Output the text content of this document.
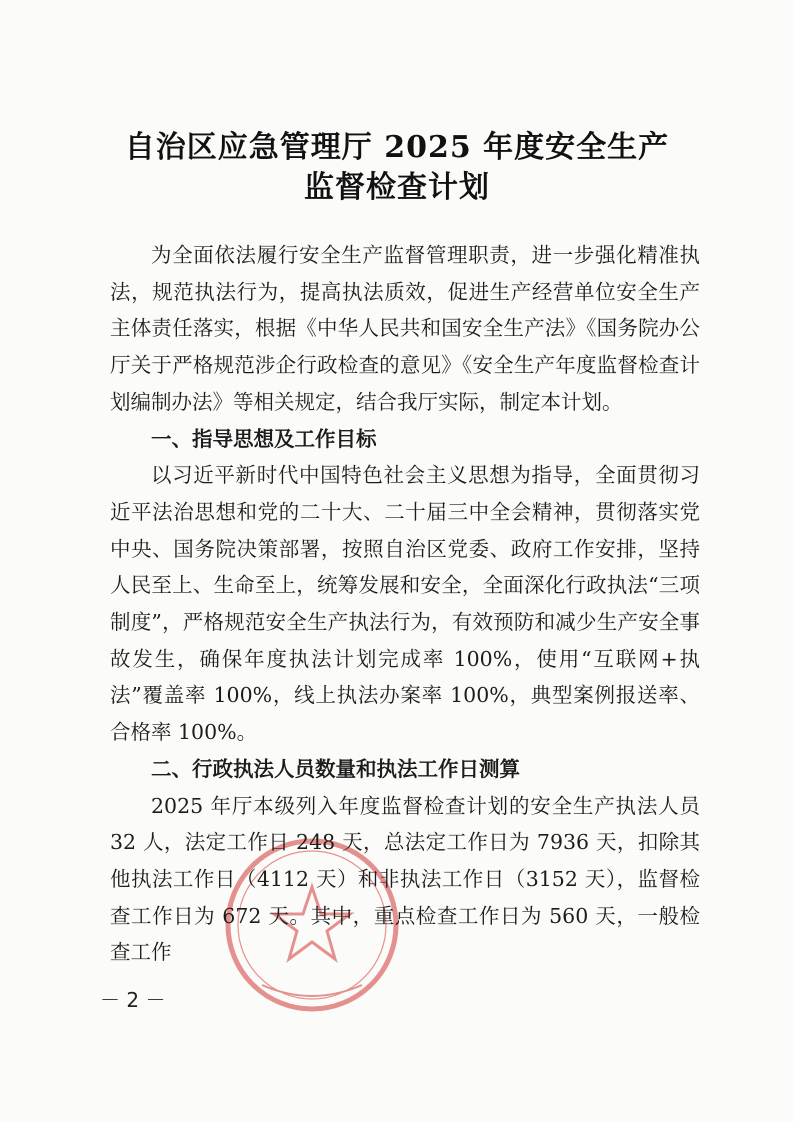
自治区应急管理厅 2025 年度安全生产
监督检查计划

为全面依法履行安全生产监督管理职责，进一步强化精准执法，规范执法行为，提高执法质效，促进生产经营单位安全生产主体责任落实，根据《中华人民共和国安全生产法》《国务院办公厅关于严格规范涉企行政检查的意见》《安全生产年度监督检查计划编制办法》等相关规定，结合我厅实际，制定本计划。

一、指导思想及工作目标

以习近平新时代中国特色社会主义思想为指导，全面贯彻习近平法治思想和党的二十大、二十届三中全会精神，贯彻落实党中央、国务院决策部署，按照自治区党委、政府工作安排，坚持人民至上、生命至上，统筹发展和安全，全面深化行政执法“三项制度”，严格规范安全生产执法行为，有效预防和减少生产安全事故发生，确保年度执法计划完成率 100%，使用“互联网+执法”覆盖率 100%，线上执法办案率 100%，典型案例报送率、合格率 100%。

二、行政执法人员数量和执法工作日测算

2025 年厅本级列入年度监督检查计划的安全生产执法人员 32 人，法定工作日 248 天，总法定工作日为 7936 天，扣除其他执法工作日（4112 天）和非执法工作日（3152 天），监督检查工作日为 672 天。其中，重点检查工作日为 560 天，一般检查工作

－ 2 －
